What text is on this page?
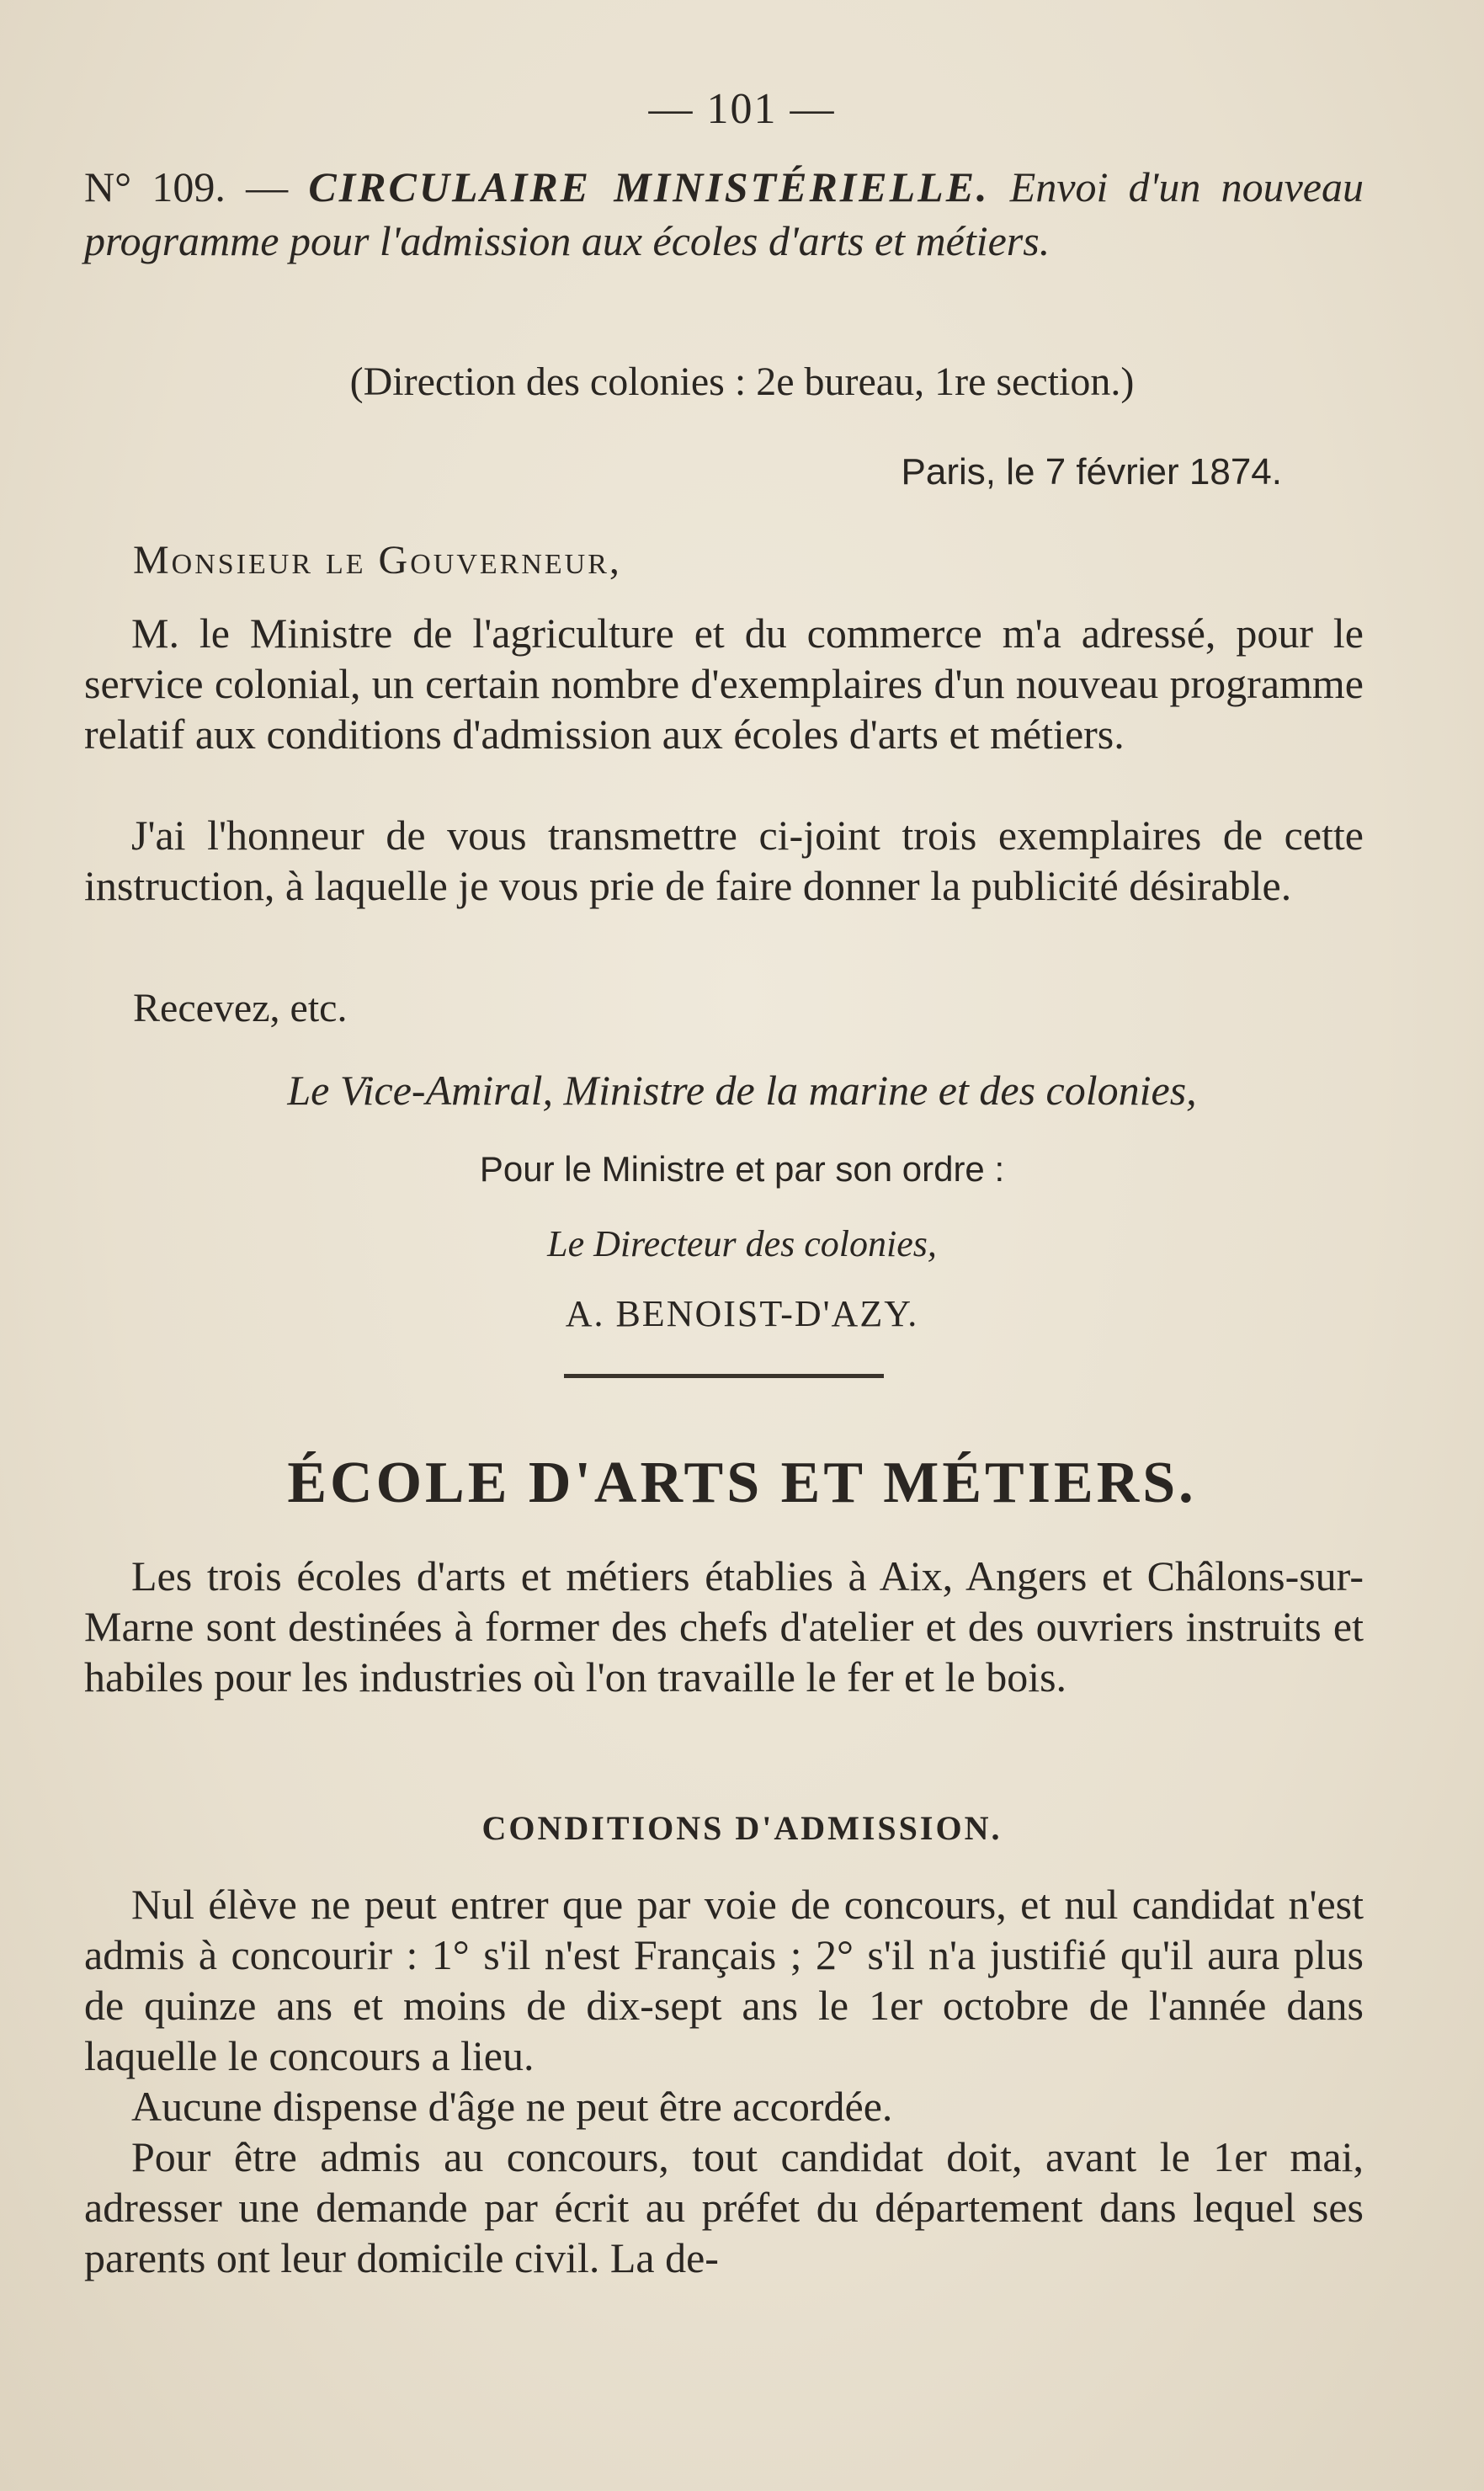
— 101 —

N° 109. — CIRCULAIRE MINISTÉRIELLE. Envoi d'un nouveau programme pour l'admission aux écoles d'arts et métiers.

(Direction des colonies : 2e bureau, 1re section.)
Paris, le 7 février 1874.
Monsieur le Gouverneur,

M. le Ministre de l'agriculture et du commerce m'a adressé, pour le service colonial, un certain nombre d'exemplaires d'un nouveau programme relatif aux conditions d'admission aux écoles d'arts et métiers.

J'ai l'honneur de vous transmettre ci-joint trois exemplaires de cette instruction, à laquelle je vous prie de faire donner la publicité désirable.

Recevez, etc.
Le Vice-Amiral, Ministre de la marine et des colonies,
Pour le Ministre et par son ordre :
Le Directeur des colonies,
A. BENOIST-D'AZY.
ÉCOLE D'ARTS ET MÉTIERS.

Les trois écoles d'arts et métiers établies à Aix, Angers et Châlons-sur-Marne sont destinées à former des chefs d'atelier et des ouvriers instruits et habiles pour les industries où l'on travaille le fer et le bois.

CONDITIONS D'ADMISSION.

Nul élève ne peut entrer que par voie de concours, et nul candidat n'est admis à concourir : 1° s'il n'est Français ; 2° s'il n'a justifié qu'il aura plus de quinze ans et moins de dix-sept ans le 1er octobre de l'année dans laquelle le concours a lieu.

Aucune dispense d'âge ne peut être accordée.

Pour être admis au concours, tout candidat doit, avant le 1er mai, adresser une demande par écrit au préfet du département dans lequel ses parents ont leur domicile civil. La de-
